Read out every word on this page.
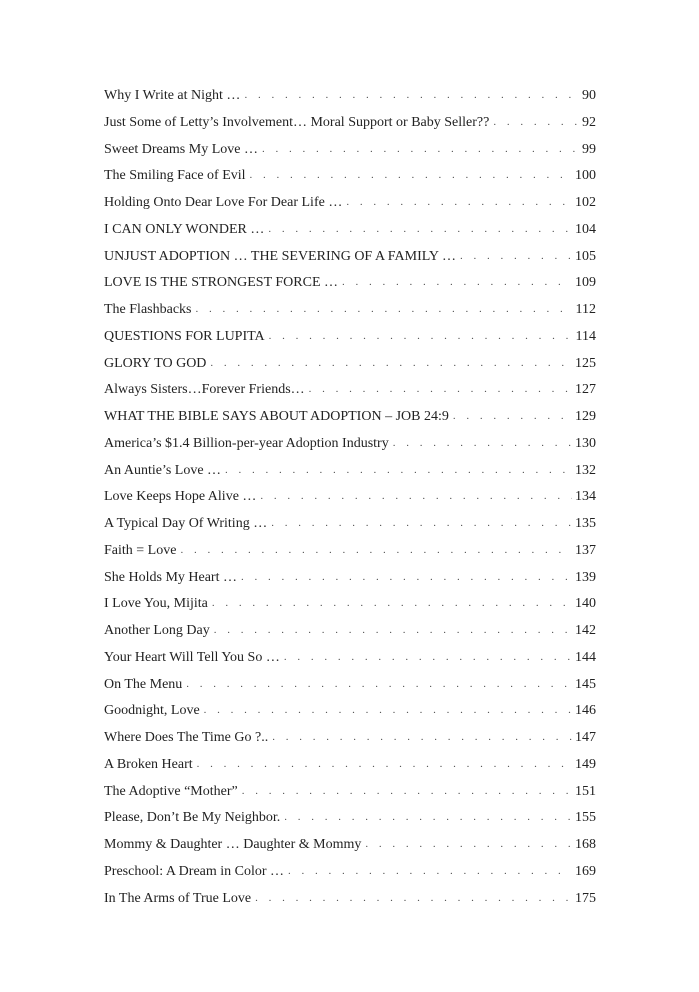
Why I Write at Night … . . .	90
Just Some of Letty’s Involvement… Moral Support or Baby Seller?? . . .	92
Sweet Dreams My Love … . . .	99
The Smiling Face of Evil . . .	100
Holding Onto Dear Love For Dear Life … . . .	102
I CAN ONLY WONDER … . . .	104
UNJUST ADOPTION … THE SEVERING OF A FAMILY … . . .	105
LOVE IS THE STRONGEST FORCE … . . .	109
The Flashbacks . . .	112
QUESTIONS FOR LUPITA . . .	114
GLORY TO GOD . . .	125
Always Sisters…Forever Friends… . . .	127
WHAT THE BIBLE SAYS ABOUT ADOPTION – JOB 24:9 . . .	129
America’s $1.4 Billion-per-year Adoption Industry . . .	130
An Auntie’s Love … . . .	132
Love Keeps Hope Alive … . . .	134
A Typical Day Of Writing … . . .	135
Faith = Love . . .	137
She Holds My Heart … . . .	139
I Love You, Mijita . . .	140
Another Long Day . . .	142
Your Heart Will Tell You So … . . .	144
On The Menu . . .	145
Goodnight, Love . . .	146
Where Does The Time Go ?.. . . .	147
A Broken Heart . . .	149
The Adoptive “Mother” . . .	151
Please, Don’t Be My Neighbor. . . .	155
Mommy & Daughter … Daughter & Mommy . . .	168
Preschool: A Dream in Color … . . .	169
In The Arms of True Love . . .	175
